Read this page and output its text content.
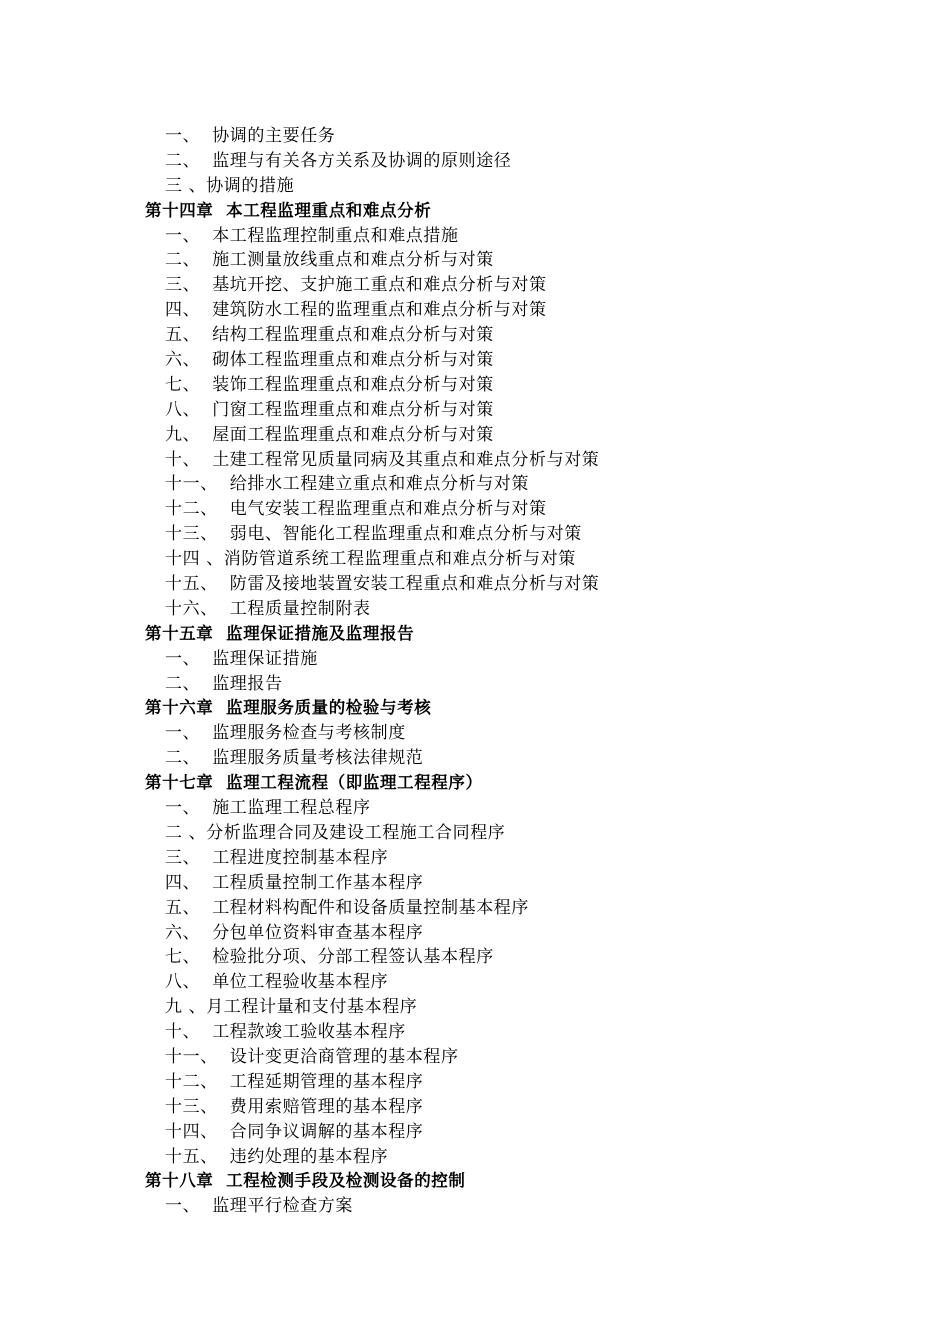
一、  协调的主要任务
二、  监理与有关各方关系及协调的原则途径
三 、协调的措施
第十四章  本工程监理重点和难点分析
一、  本工程监理控制重点和难点措施
二、  施工测量放线重点和难点分析与对策
三、  基坑开挖、支护施工重点和难点分析与对策
四、  建筑防水工程的监理重点和难点分析与对策
五、  结构工程监理重点和难点分析与对策
六、  砌体工程监理重点和难点分析与对策
七、  装饰工程监理重点和难点分析与对策
八、  门窗工程监理重点和难点分析与对策
九、  屋面工程监理重点和难点分析与对策
十、  土建工程常见质量同病及其重点和难点分析与对策
十一、  给排水工程建立重点和难点分析与对策
十二、  电气安装工程监理重点和难点分析与对策
十三、  弱电、智能化工程监理重点和难点分析与对策
十四 、消防管道系统工程监理重点和难点分析与对策
十五、  防雷及接地装置安装工程重点和难点分析与对策
十六、  工程质量控制附表
第十五章  监理保证措施及监理报告
一、  监理保证措施
二、  监理报告
第十六章  监理服务质量的检验与考核
一、  监理服务检查与考核制度
二、  监理服务质量考核法律规范
第十七章  监理工程流程（即监理工程程序）
一、  施工监理工程总程序
二 、分析监理合同及建设工程施工合同程序
三、  工程进度控制基本程序
四、  工程质量控制工作基本程序
五、  工程材料构配件和设备质量控制基本程序
六、  分包单位资料审查基本程序
七、  检验批分项、分部工程签认基本程序
八、  单位工程验收基本程序
九 、月工程计量和支付基本程序
十、  工程款竣工验收基本程序
十一、  设计变更洽商管理的基本程序
十二、  工程延期管理的基本程序
十三、  费用索赔管理的基本程序
十四、  合同争议调解的基本程序
十五、  违约处理的基本程序
第十八章  工程检测手段及检测设备的控制
一、  监理平行检查方案
